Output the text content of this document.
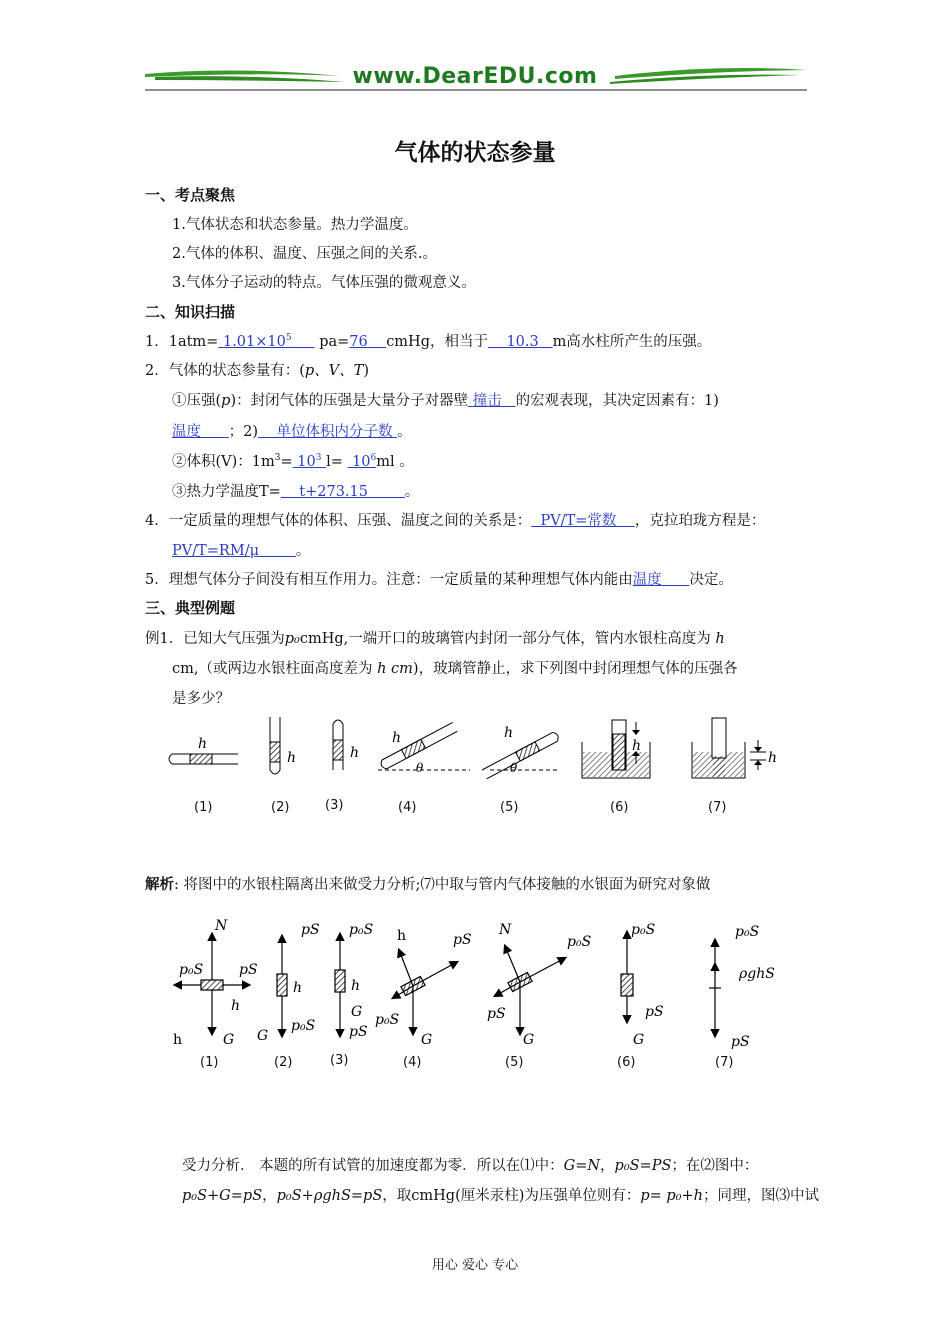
www.DearEDU.com
气体的状态参量
一、考点聚焦
1.气体状态和状态参量。热力学温度。
2.气体的体积、温度、压强之间的关系.。
3.气体分子运动的特点。气体压强的微观意义。
二、知识扫描
1．$1atm= 1.01\times 10^5$ pa=76 cmHg，相当于 10.3 m高水柱所产生的压强。
2．气体的状态参量有：(p、V、T)
①压强(p)：封闭气体的压强是大量分子对器壁 撞击 的宏观表现，其决定因素有：1)
温度 ；2) 单位体积内分子数 。
②体积(V)：$1m^3= 10^3$ $l= 10^6ml$ 。
③热力学温度T= t+273.15	。
4．一定质量的理想气体的体积、压强、温度之间的关系是： PV/T=常数 ，克拉珀珑方程是：
PV/T=RM/μ	。
5．理想气体分子间没有相互作用力。注意：一定质量的某种理想气体内能由温度 决定。
三、典型例题
例1．已知大气压强为p₀cmHg,一端开口的玻璃管内封闭一部分气体，管内水银柱高度为 h
cm,（或两边水银柱面高度差为 h cm)，玻璃管静止，求下列图中封闭理想气体的压强各
是多少？
h
h	h
h
θ
h
θ
h
h
(1)	(2)	(3)	(4)	(5)	(6)	(7)
解析: 将图中的水银柱隔离出来做受力分析;⑺中取与管内气体接触的水银面为研究对象做
N
p₀S	pS
h
G
h
pS
h
G
p₀S
p₀S
h
G
pS
h	pS
p₀S
G
N
p₀S
pS
G
p₀S
pS
G
p₀S
ρghS
pS
(1)	(2)	(3)	(4)	(5)	(6)	(7)
受力分析． 本题的所有试管的加速度都为零．所以在⑴中：G=N，p₀S=PS；在⑵图中：
p₀S+G=pS，p₀S+ρghS=pS，取cmHg(厘米汞柱)为压强单位则有：p= p₀+h；同理，图⑶中试
用心 爱心 专心
